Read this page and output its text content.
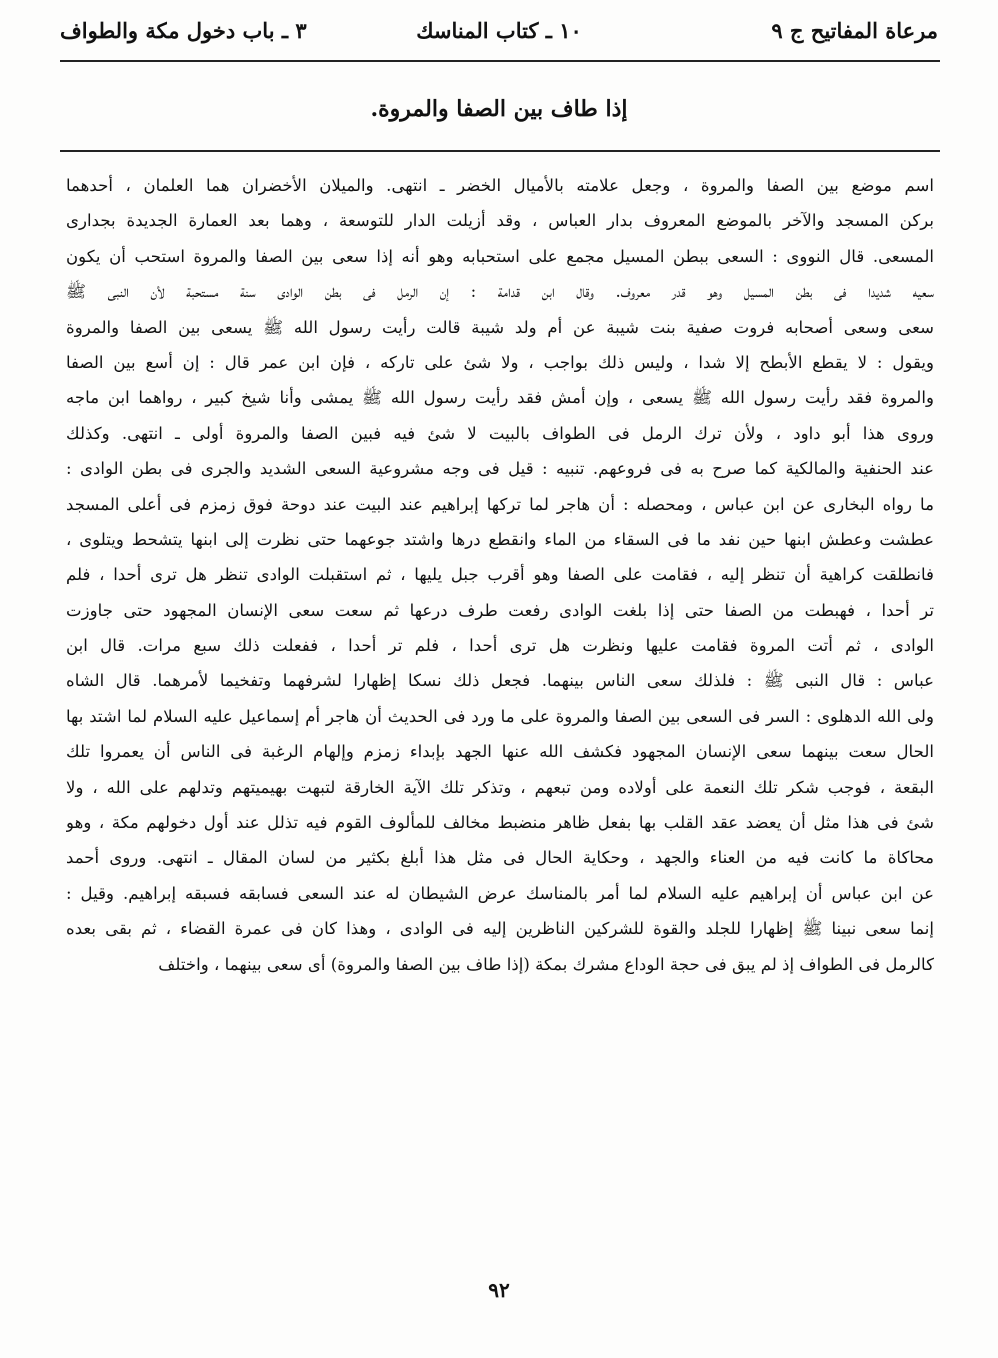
مرعاة المفاتيح ج ٩
١٠ ـ كتاب المناسك
٣ ـ باب دخول مكة والطواف
إذا طاف بين الصفا والمروة.
اسم موضع بين الصفا والمروة ، وجعل علامته بالأميال الخضر ـ انتهى. والميلان الأخضران هما العلمان ، أحدهما
بركن المسجد والآخر بالموضع المعروف بدار العباس ، وقد أزيلت الدار للتوسعة ، وهما بعد العمارة الجديدة بجدارى
المسعى. قال النووى : السعى ببطن المسيل مجمع على استحبابه وهو أنه إذا سعى بين الصفا والمروة استحب أن يكون
سعيه شديدا فى بطن المسيل وهو قدر معروف. وقال ابن قدامة : إن الرمل فى بطن الوادى سنة مستحبة لأن النبى ﷺ
سعى وسعى أصحابه فروت صفية بنت شيبة عن أم ولد شيبة قالت رأيت رسول الله ﷺ يسعى بين الصفا والمروة
ويقول : لا يقطع الأبطح إلا شدا ، وليس ذلك بواجب ، ولا شئ على تاركه ، فإن ابن عمر قال : إن أسع بين الصفا
والمروة فقد رأيت رسول الله ﷺ يسعى ، وإن أمش فقد رأيت رسول الله ﷺ يمشى وأنا شيخ كبير ، رواهما ابن ماجه
وروى هذا أبو داود ، ولأن ترك الرمل فى الطواف بالبيت لا شئ فيه فبين الصفا والمروة أولى ـ انتهى. وكذلك
عند الحنفية والمالكية كما صرح به فى فروعهم. تنبيه : قيل فى وجه مشروعية السعى الشديد والجرى فى بطن الوادى :
ما رواه البخارى عن ابن عباس ، ومحصله : أن هاجر لما تركها إبراهيم عند البيت عند دوحة فوق زمزم فى أعلى المسجد
عطشت وعطش ابنها حين نفد ما فى السقاء من الماء وانقطع درها واشتد جوعهما حتى نظرت إلى ابنها يتشحط ويتلوى ،
فانطلقت كراهية أن تنظر إليه ، فقامت على الصفا وهو أقرب جبل يليها ، ثم استقبلت الوادى تنظر هل ترى أحدا ، فلم
تر أحدا ، فهبطت من الصفا حتى إذا بلغت الوادى رفعت طرف درعها ثم سعت سعى الإنسان المجهود حتى جاوزت
الوادى ، ثم أتت المروة فقامت عليها ونظرت هل ترى أحدا ، فلم تر أحدا ، ففعلت ذلك سبع مرات. قال ابن
عباس : قال النبى ﷺ : فلذلك سعى الناس بينهما. فجعل ذلك نسكا إظهارا لشرفهما وتفخيما لأمرهما. قال الشاه
ولى الله الدهلوى : السر فى السعى بين الصفا والمروة على ما ورد فى الحديث أن هاجر أم إسماعيل عليه السلام لما اشتد بها
الحال سعت بينهما سعى الإنسان المجهود فكشف الله عنها الجهد بإبداء زمزم وإلهام الرغبة فى الناس أن يعمروا تلك
البقعة ، فوجب شكر تلك النعمة على أولاده ومن تبعهم ، وتذكر تلك الآية الخارقة لتبهت بهيميتهم وتدلهم على الله ، ولا
شئ فى هذا مثل أن يعضد عقد القلب بها بفعل ظاهر منضبط مخالف للمألوف القوم فيه تذلل عند أول دخولهم مكة ، وهو
محاكاة ما كانت فيه من العناء والجهد ، وحكاية الحال فى مثل هذا أبلغ بكثير من لسان المقال ـ انتهى. وروى أحمد
عن ابن عباس أن إبراهيم عليه السلام لما أمر بالمناسك عرض الشيطان له عند السعى فسابقه فسبقه إبراهيم. وقيل :
إنما سعى نبينا ﷺ إظهارا للجلد والقوة للشركين الناظرين إليه فى الوادى ، وهذا كان فى عمرة القضاء ، ثم بقى بعده
كالرمل فى الطواف إذ لم يبق فى حجة الوداع مشرك بمكة (إذا طاف بين الصفا والمروة) أى سعى بينهما ، واختلف
٩٢
